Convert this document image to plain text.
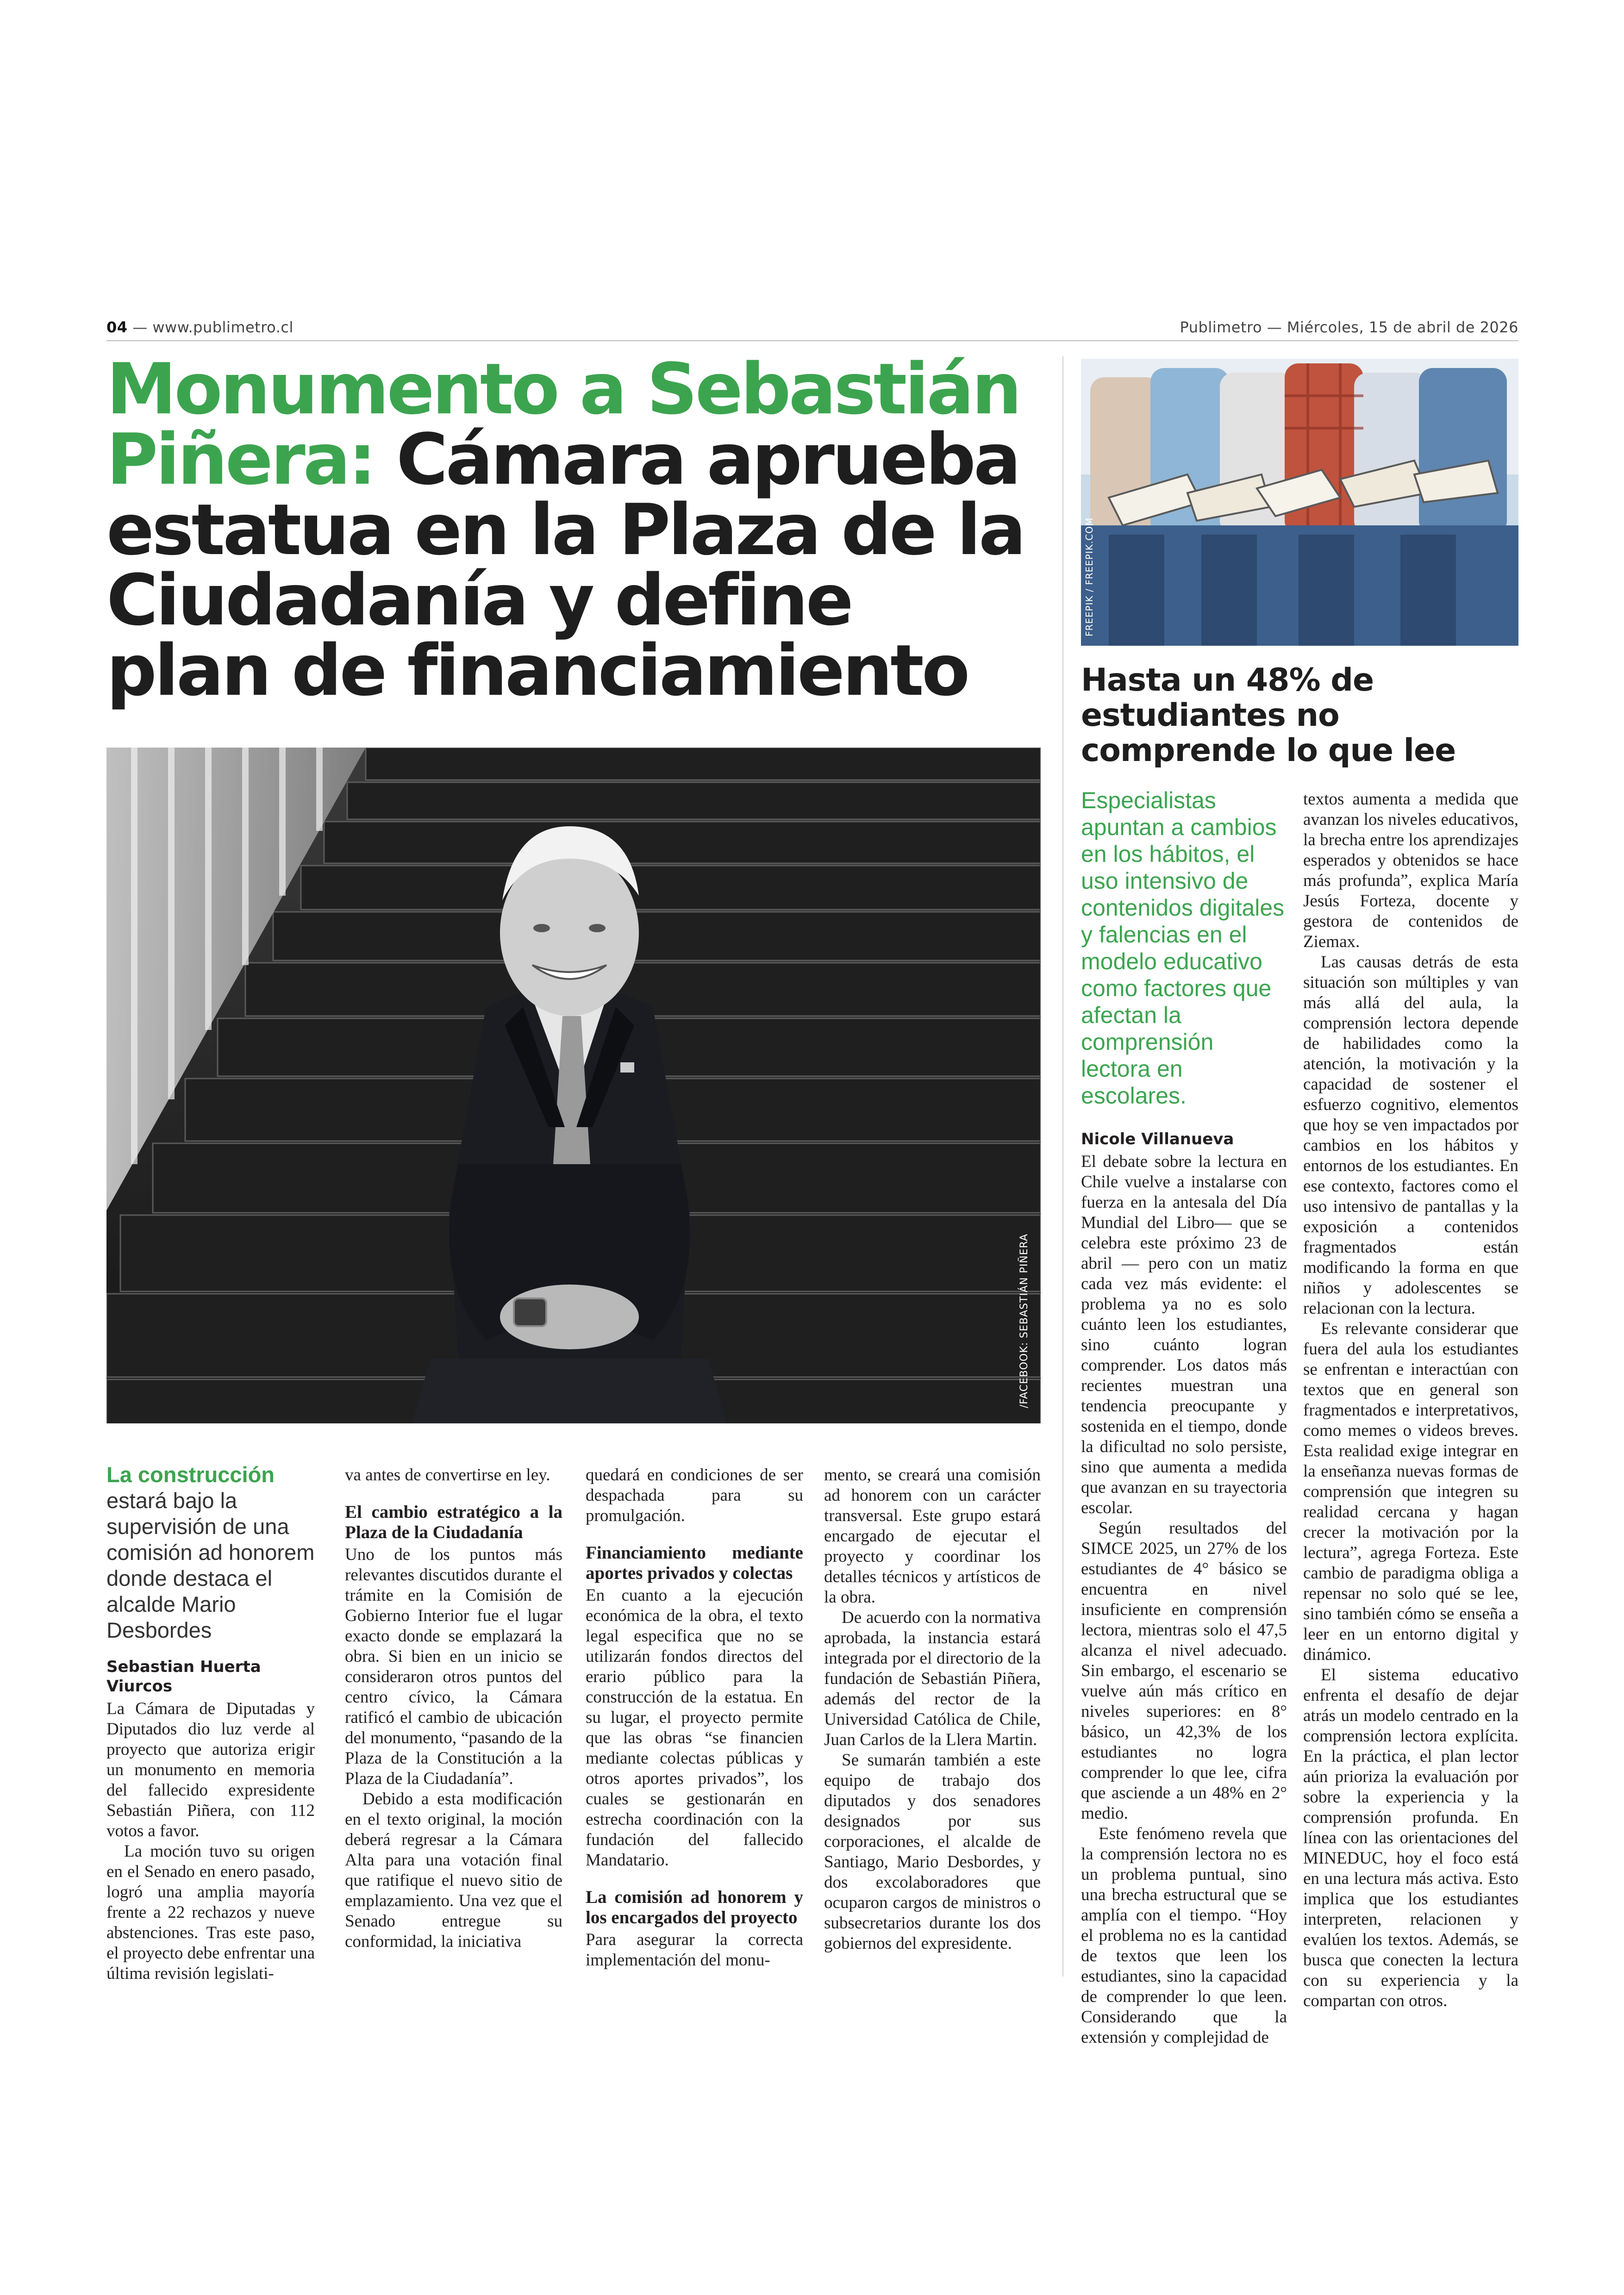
04 — www.publimetro.cl	Publimetro — Miércoles, 15 de abril de 2026
Monumento a Sebastián Piñera: Cámara aprueba estatua en la Plaza de la Ciudadanía y define plan de financiamiento
/FACEBOOK: SEBASTIÁN PIÑERA
La construcción
estará bajo la supervisión de una comisión ad honorem donde destaca el alcalde Mario Desbordes
Sebastian Huerta Viurcos

La Cámara de Diputadas y Diputados dio luz verde al proyecto que autoriza erigir un monumento en memoria del fallecido expresidente Sebastián Piñera, con 112 votos a favor.

La moción tuvo su origen en el Senado en enero pasado, logró una amplia mayoría frente a 22 rechazos y nueve abstenciones. Tras este paso, el proyecto debe enfrentar una última revisión legislati-

va antes de convertirse en ley.

El cambio estratégico a la Plaza de la Ciudadanía

Uno de los puntos más relevantes discutidos durante el trámite en la Comisión de Gobierno Interior fue el lugar exacto donde se emplazará la obra. Si bien en un inicio se consideraron otros puntos del centro cívico, la Cámara ratificó el cambio de ubicación del monumento, “pasando de la Plaza de la Constitución a la Plaza de la Ciudadanía”.

Debido a esta modificación en el texto original, la moción deberá regresar a la Cámara Alta para una votación final que ratifique el nuevo sitio de emplazamiento. Una vez que el Senado entregue su conformidad, la iniciativa

quedará en condiciones de ser despachada para su promulgación.

Financiamiento mediante aportes privados y colectas

En cuanto a la ejecución económica de la obra, el texto legal especifica que no se utilizarán fondos directos del erario público para la construcción de la estatua. En su lugar, el proyecto permite que las obras “se financien mediante colectas públicas y otros aportes privados”, los cuales se gestionarán en estrecha coordinación con la fundación del fallecido Mandatario.

La comisión ad honorem y los encargados del proyecto

Para asegurar la correcta implementación del monu-

mento, se creará una comisión ad honorem con un carácter transversal. Este grupo estará encargado de ejecutar el proyecto y coordinar los detalles técnicos y artísticos de la obra.

De acuerdo con la normativa aprobada, la instancia estará integrada por el directorio de la fundación de Sebastián Piñera, además del rector de la Universidad Católica de Chile, Juan Carlos de la Llera Martin.

Se sumarán también a este equipo de trabajo dos diputados y dos senadores designados por sus corporaciones, el alcalde de Santiago, Mario Desbordes, y dos excolaboradores que ocuparon cargos de ministros o subsecretarios durante los dos gobiernos del expresidente.

FREEPIK / FREEPIK.COM
Hasta un 48% de estudiantes no comprende lo que lee
Especialistas apuntan a cambios en los hábitos, el uso intensivo de contenidos digitales y falencias en el modelo educativo como factores que afectan la comprensión lectora en escolares.
Nicole Villanueva

El debate sobre la lectura en Chile vuelve a instalarse con fuerza en la antesala del Día Mundial del Libro— que se celebra este próximo 23 de abril — pero con un matiz cada vez más evidente: el problema ya no es solo cuánto leen los estudiantes, sino cuánto logran comprender. Los datos más recientes muestran una tendencia preocupante y sostenida en el tiempo, donde la dificultad no solo persiste, sino que aumenta a medida que avanzan en su trayectoria escolar.

Según resultados del SIMCE 2025, un 27% de los estudiantes de 4° básico se encuentra en nivel insuficiente en comprensión lectora, mientras solo el 47,5 alcanza el nivel adecuado. Sin embargo, el escenario se vuelve aún más crítico en niveles superiores: en 8° básico, un 42,3% de los estudiantes no logra comprender lo que lee, cifra que asciende a un 48% en 2° medio.

Este fenómeno revela que la comprensión lectora no es un problema puntual, sino una brecha estructural que se amplía con el tiempo. “Hoy el problema no es la cantidad de textos que leen los estudiantes, sino la capacidad de comprender lo que leen. Considerando que la extensión y complejidad de

textos aumenta a medida que avanzan los niveles educativos, la brecha entre los aprendizajes esperados y obtenidos se hace más profunda”, explica María Jesús Forteza, docente y gestora de contenidos de Ziemax.

Las causas detrás de esta situación son múltiples y van más allá del aula, la comprensión lectora depende de habilidades como la atención, la motivación y la capacidad de sostener el esfuerzo cognitivo, elementos que hoy se ven impactados por cambios en los hábitos y entornos de los estudiantes. En ese contexto, factores como el uso intensivo de pantallas y la exposición a contenidos fragmentados están modificando la forma en que niños y adolescentes se relacionan con la lectura.

Es relevante considerar que fuera del aula los estudiantes se enfrentan e interactúan con textos que en general son fragmentados e interpretativos, como memes o videos breves. Esta realidad exige integrar en la enseñanza nuevas formas de comprensión que integren su realidad cercana y hagan crecer la motivación por la lectura”, agrega Forteza. Este cambio de paradigma obliga a repensar no solo qué se lee, sino también cómo se enseña a leer en un entorno digital y dinámico.

El sistema educativo enfrenta el desafío de dejar atrás un modelo centrado en la comprensión lectora explícita. En la práctica, el plan lector aún prioriza la evaluación por sobre la experiencia y la comprensión profunda. En línea con las orientaciones del MINEDUC, hoy el foco está en una lectura más activa. Esto implica que los estudiantes interpreten, relacionen y evalúen los textos. Además, se busca que conecten la lectura con su experiencia y la compartan con otros.
